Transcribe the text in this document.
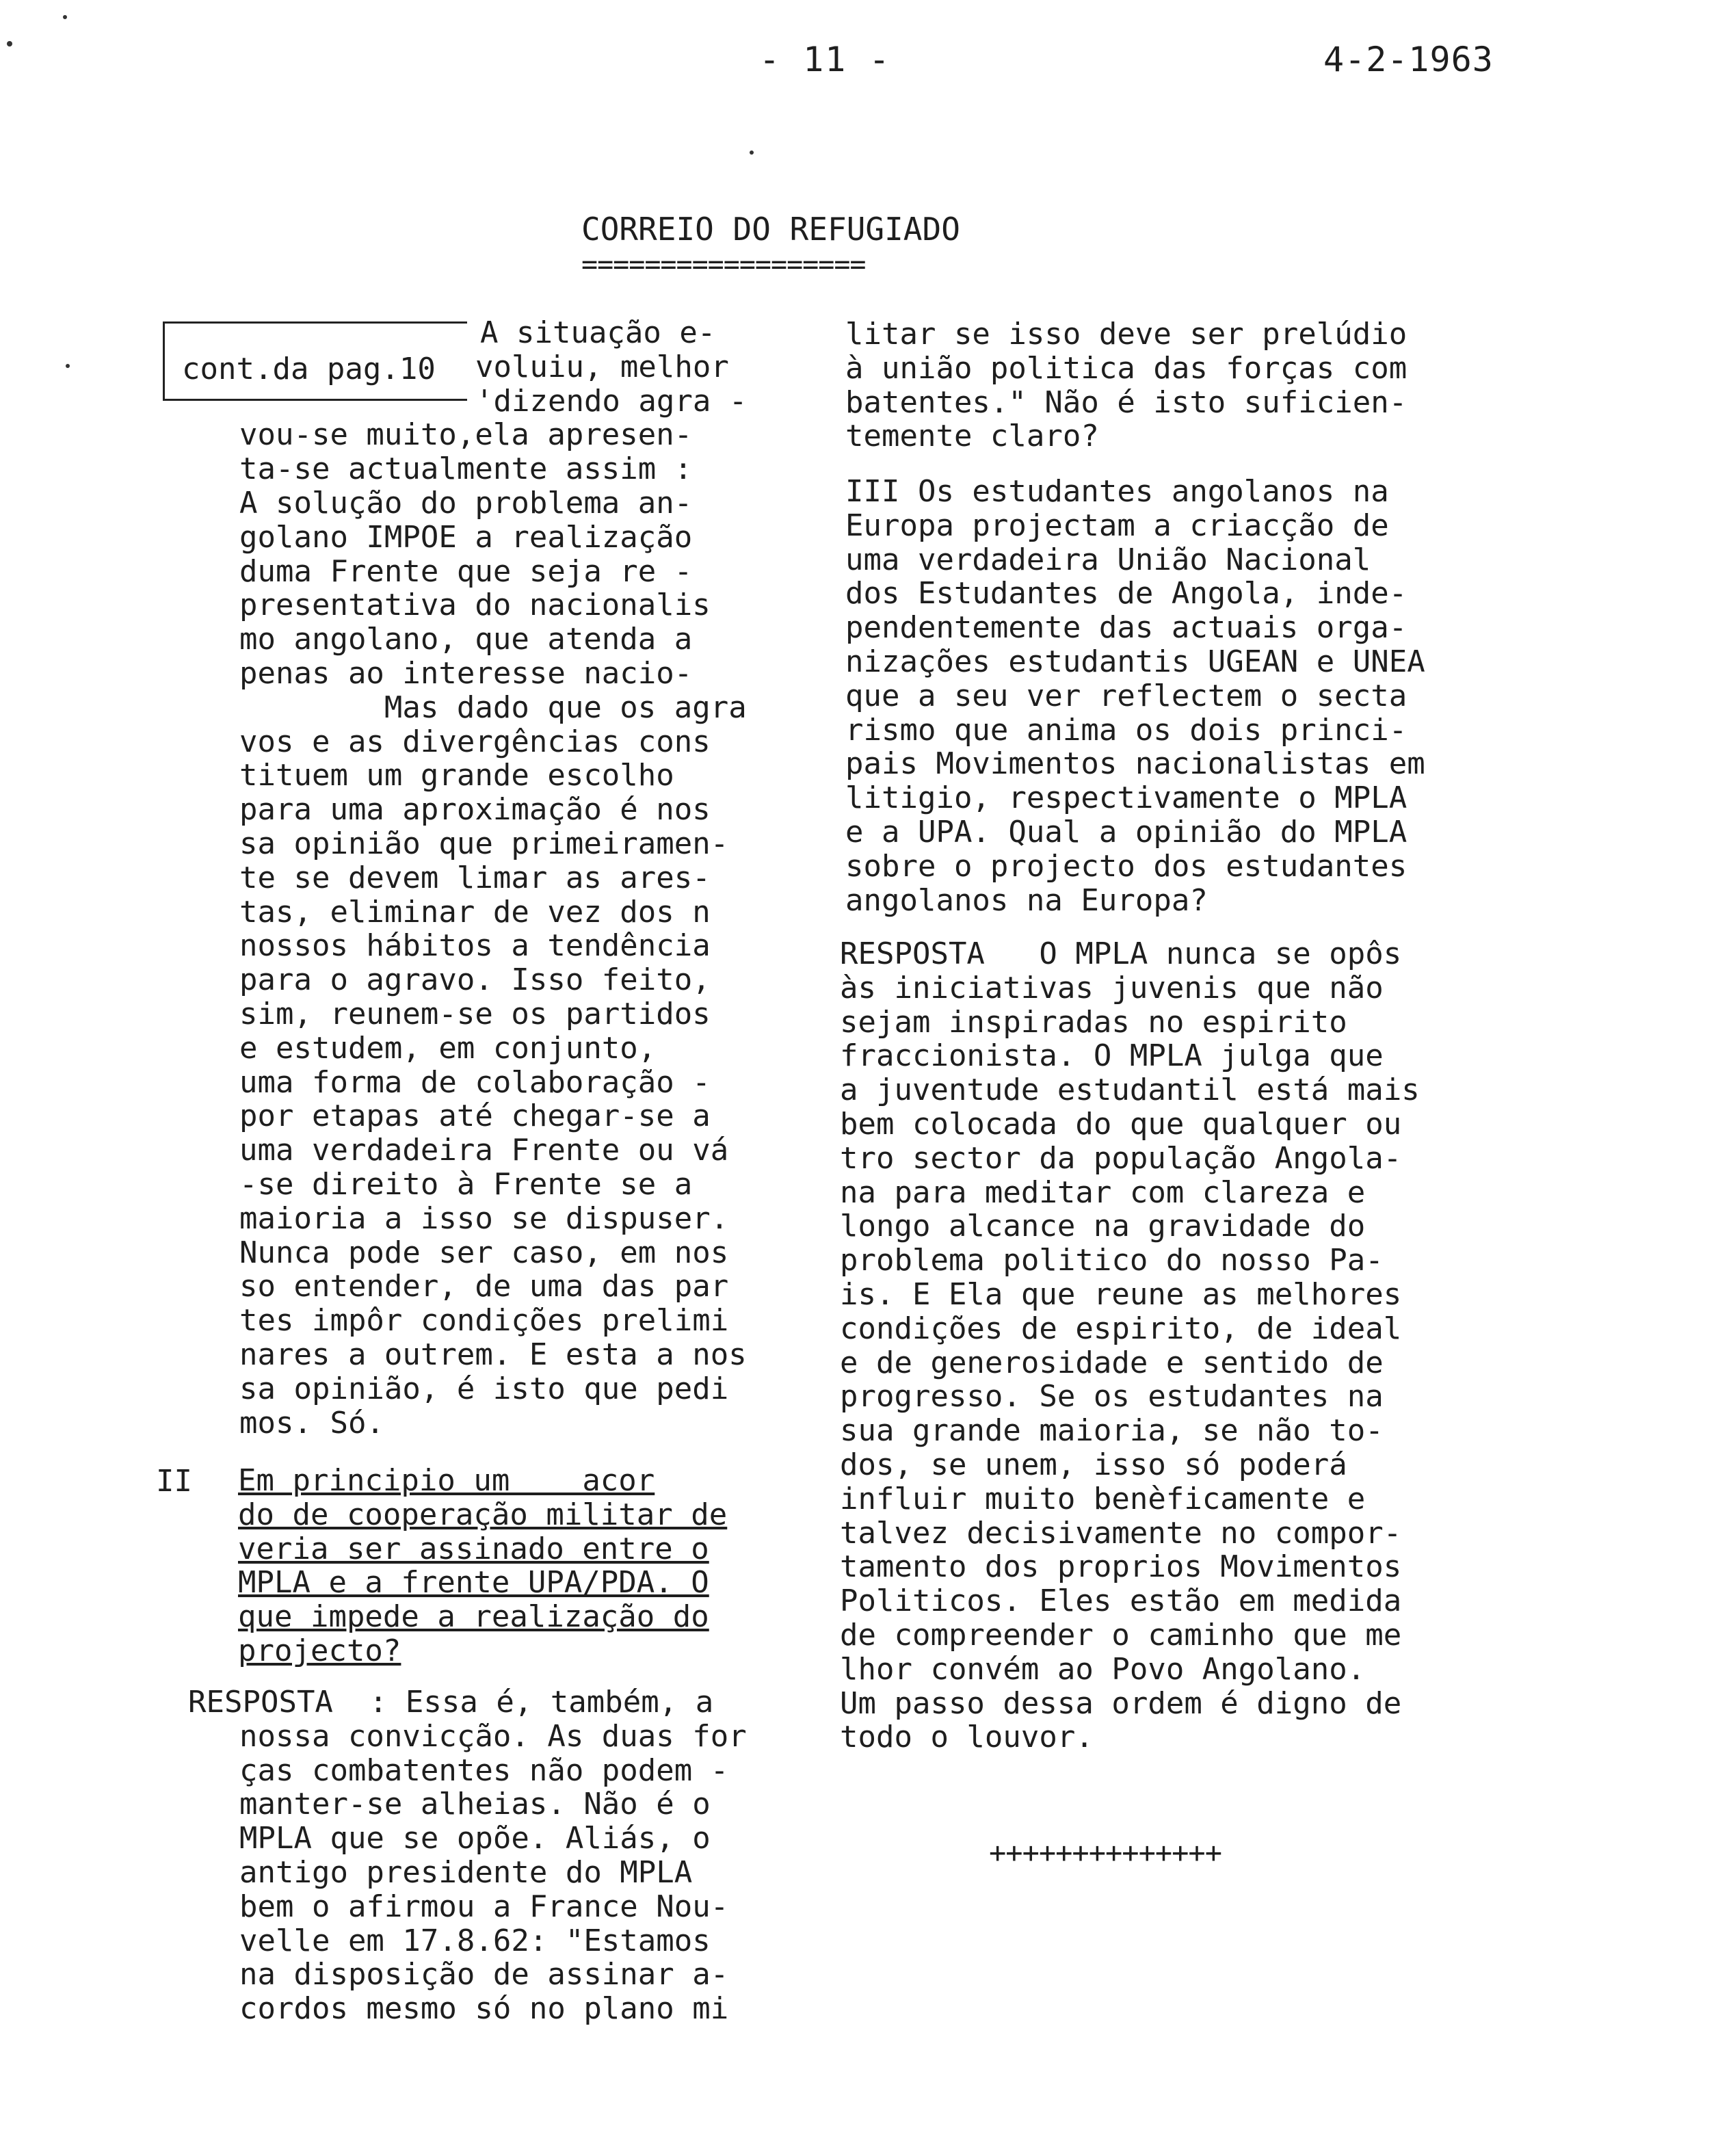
- 11 -	4-2-1963
CORREIO DO REFUGIADO
==================
cont.da pag.10
A situação e-
voluiu, melhor
'dizendo agra -
vou-se muito,ela apresen-
ta-se actualmente assim :
A solução do problema an-
golano IMPOE a realização
duma Frente que seja re -
presentativa do nacionalis
mo angolano, que atenda a
penas ao interesse nacio-
Mas dado que os agra
vos e as divergências cons
tituem um grande escolho
para uma aproximação é nos
sa opinião que primeiramen-
te se devem limar as ares-
tas, eliminar de vez dos n
nossos hábitos a tendência
para o agravo. Isso feito,
sim, reunem-se os partidos
e estudem, em conjunto,
uma forma de colaboração -
por etapas até chegar-se a
uma verdadeira Frente ou vá
-se direito à Frente se a
maioria a isso se dispuser.
Nunca pode ser caso, em nos
so entender, de uma das par
tes impôr condições prelimi
nares a outrem. E esta a nos
sa opinião, é isto que pedi
mos. Só.
II Em principio um    acor
do de cooperação militar de
veria ser assinado entre o
MPLA e a frente UPA/PDA. O
que impede a realização do
projecto?
RESPOSTA  : Essa é, também, a
nossa convicção. As duas for
ças combatentes não podem -
manter-se alheias. Não é o
MPLA que se opõe. Aliás, o
antigo presidente do MPLA
bem o afirmou a France Nou-
velle em 17.8.62: "Estamos
na disposição de assinar a-
cordos mesmo só no plano mi
litar se isso deve ser prelúdio
à união politica das forças com
batentes." Não é isto suficien-
temente claro?
III Os estudantes angolanos na
Europa projectam a criacção de
uma verdadeira União Nacional
dos Estudantes de Angola, inde-
pendentemente das actuais orga-
nizações estudantis UGEAN e UNEA
que a seu ver reflectem o secta
rismo que anima os dois princi-
pais Movimentos nacionalistas em
litigio, respectivamente o MPLA
e a UPA. Qual a opinião do MPLA
sobre o projecto dos estudantes
angolanos na Europa?
RESPOSTA   O MPLA nunca se opôs
às iniciativas juvenis que não
sejam inspiradas no espirito
fraccionista. O MPLA julga que
a juventude estudantil está mais
bem colocada do que qualquer ou
tro sector da população Angola-
na para meditar com clareza e
longo alcance na gravidade do
problema politico do nosso Pa-
is. E Ela que reune as melhores
condições de espirito, de ideal
e de generosidade e sentido de
progresso. Se os estudantes na
sua grande maioria, se não to-
dos, se unem, isso só poderá
influir muito benèficamente e
talvez decisivamente no compor-
tamento dos proprios Movimentos
Politicos. Eles estão em medida
de compreender o caminho que me
lhor convém ao Povo Angolano.
Um passo dessa ordem é digno de
todo o louvor.
++++++++++++++
